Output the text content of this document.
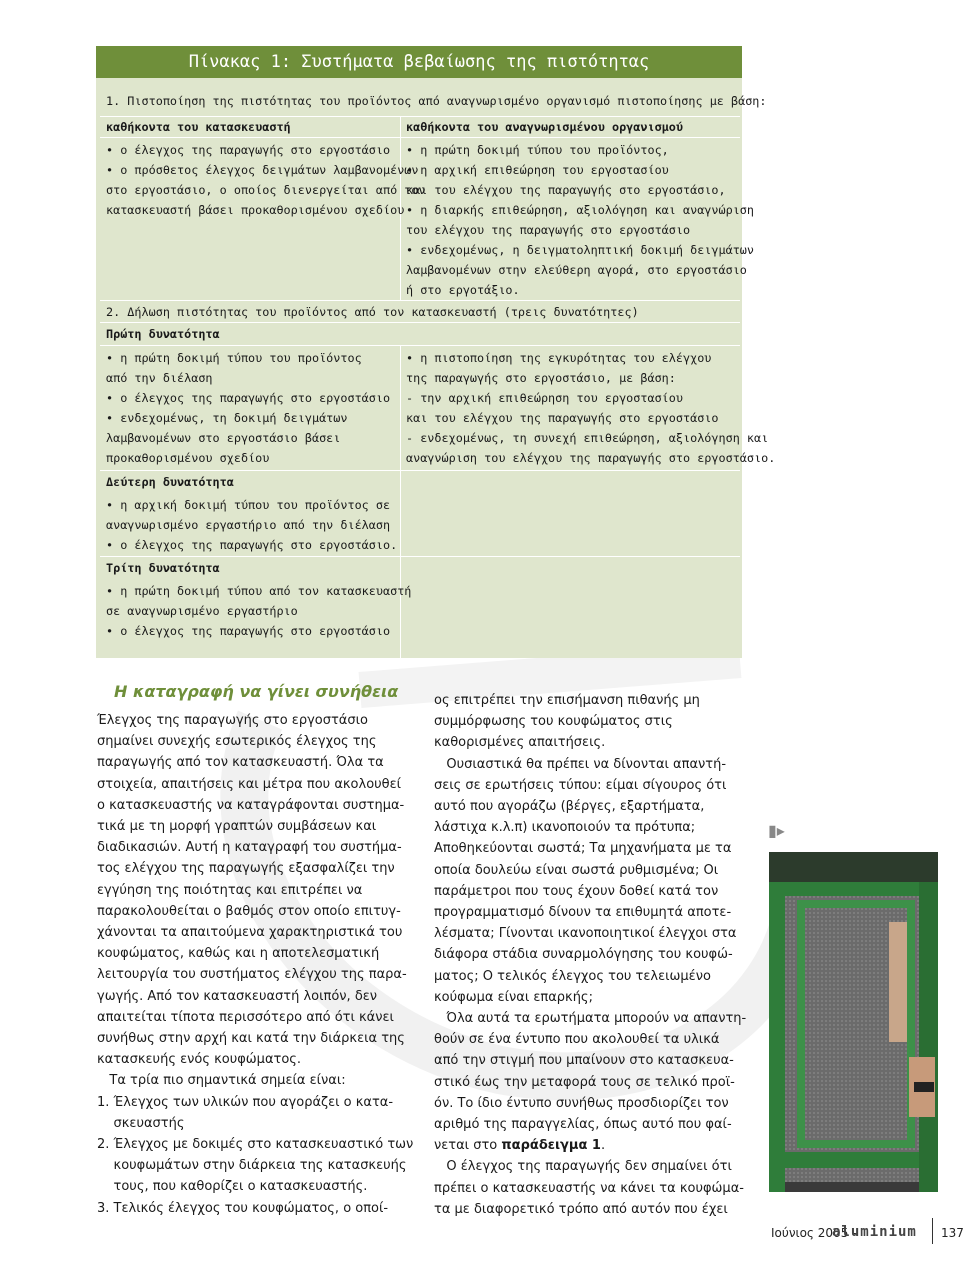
Πίνακας 1: Συστήματα βεβαίωσης της πιστότητας
1. Πιστοποίηση της πιστότητας του προϊόντος από αναγνωρισμένο οργανισμό πιστοποίησης με βάση:
καθήκοντα του κατασκευαστή	καθήκοντα του αναγνωρισμένου οργανισμού
• ο έλεγχος της παραγωγής στο εργοστάσιο
• ο πρόσθετος έλεγχος δειγμάτων λαμβανομένων
στο εργοστάσιο, ο οποίος διενεργείται από τον
κατασκευαστή βάσει προκαθορισμένου σχεδίου
• η πρώτη δοκιμή τύπου του προϊόντος,
• η αρχική επιθεώρηση του εργοστασίου
και του ελέγχου της παραγωγής στο εργοστάσιο,
• η διαρκής επιθεώρηση, αξιολόγηση και αναγνώριση
του ελέγχου της παραγωγής στο εργοστάσιο
• ενδεχομένως, η δειγματοληπτική δοκιμή δειγμάτων
λαμβανομένων στην ελεύθερη αγορά, στο εργοστάσιο
ή στο εργοτάξιο.
2. Δήλωση πιστότητας του προϊόντος από τον κατασκευαστή (τρεις δυνατότητες)
Πρώτη δυνατότητα
• η πρώτη δοκιμή τύπου του προϊόντος
από την διέλαση
• ο έλεγχος της παραγωγής στο εργοστάσιο
• ενδεχομένως, τη δοκιμή δειγμάτων
λαμβανομένων στο εργοστάσιο βάσει
προκαθορισμένου σχεδίου
• η πιστοποίηση της εγκυρότητας του ελέγχου
της παραγωγής στο εργοστάσιο, με βάση:
- την αρχική επιθεώρηση του εργοστασίου
και του ελέγχου της παραγωγής στο εργοστάσιο
- ενδεχομένως, τη συνεχή επιθεώρηση, αξιολόγηση και
αναγνώριση του ελέγχου της παραγωγής στο εργοστάσιο.
Δεύτερη δυνατότητα
• η αρχική δοκιμή τύπου του προϊόντος σε
αναγνωρισμένο εργαστήριο από την διέλαση
• ο έλεγχος της παραγωγής στο εργοστάσιο.
Τρίτη δυνατότητα
• η πρώτη δοκιμή τύπου από τον κατασκευαστή
σε αναγνωρισμένο εργαστήριο
• ο έλεγχος της παραγωγής στο εργοστάσιο
Η καταγραφή να γίνει συνήθεια
Έλεγχος της παραγωγής στο εργοστάσιο
σημαίνει συνεχής εσωτερικός έλεγχος της
παραγωγής από τον κατασκευαστή. Όλα τα
στοιχεία, απαιτήσεις και μέτρα που ακολουθεί
ο κατασκευαστής να καταγράφονται συστημα-
τικά με τη μορφή γραπτών συμβάσεων και
διαδικασιών. Αυτή η καταγραφή του συστήμα-
τος ελέγχου της παραγωγής εξασφαλίζει την
εγγύηση της ποιότητας και επιτρέπει να
παρακολουθείται ο βαθμός στον οποίο επιτυγ-
χάνονται τα απαιτούμενα χαρακτηριστικά του
κουφώματος, καθώς και η αποτελεσματική
λειτουργία του συστήματος ελέγχου της παρα-
γωγής. Από τον κατασκευαστή λοιπόν, δεν
απαιτείται τίποτα περισσότερο από ότι κάνει
συνήθως στην αρχή και κατά την διάρκεια της
κατασκευής ενός κουφώματος.
Τα τρία πιο σημαντικά σημεία είναι:
1. Έλεγχος των υλικών που αγοράζει ο κατα-
σκευαστής
2. Έλεγχος με δοκιμές στο κατασκευαστικό των
κουφωμάτων στην διάρκεια της κατασκευής
τους, που καθορίζει ο κατασκευαστής.
3. Τελικός έλεγχος του κουφώματος, ο οποί-
ος επιτρέπει την επισήμανση πιθανής μη
συμμόρφωσης του κουφώματος στις
καθορισμένες απαιτήσεις.
Ουσιαστικά θα πρέπει να δίνονται απαντή-
σεις σε ερωτήσεις τύπου: είμαι σίγουρος ότι
αυτό που αγοράζω (βέργες, εξαρτήματα,
λάστιχα κ.λ.π) ικανοποιούν τα πρότυπα;
Αποθηκεύονται σωστά; Τα μηχανήματα με τα
οποία δουλεύω είναι σωστά ρυθμισμένα; Οι
παράμετροι που τους έχουν δοθεί κατά τον
προγραμματισμό δίνουν τα επιθυμητά αποτε-
λέσματα; Γίνονται ικανοποιητικοί έλεγχοι στα
διάφορα στάδια συναρμολόγησης του κουφώ-
ματος; Ο τελικός έλεγχος του τελειωμένο
κούφωμα είναι επαρκής;
Όλα αυτά τα ερωτήματα μπορούν να απαντη-
θούν σε ένα έντυπο που ακολουθεί τα υλικά
από την στιγμή που μπαίνουν στο κατασκευα-
στικό έως την μεταφορά τους σε τελικό προϊ-
όν. Το ίδιο έντυπο συνήθως προσδιορίζει τον
αριθμό της παραγγελίας, όπως αυτό που φαί-
νεται στο παράδειγμα 1.
Ο έλεγχος της παραγωγής δεν σημαίνει ότι
πρέπει ο κατασκευαστής να κάνει τα κουφώμα-
τα με διαφορετικό τρόπο από αυτόν που έχει
▮▸
Ιούνιος 2005 -
aluminium 137
